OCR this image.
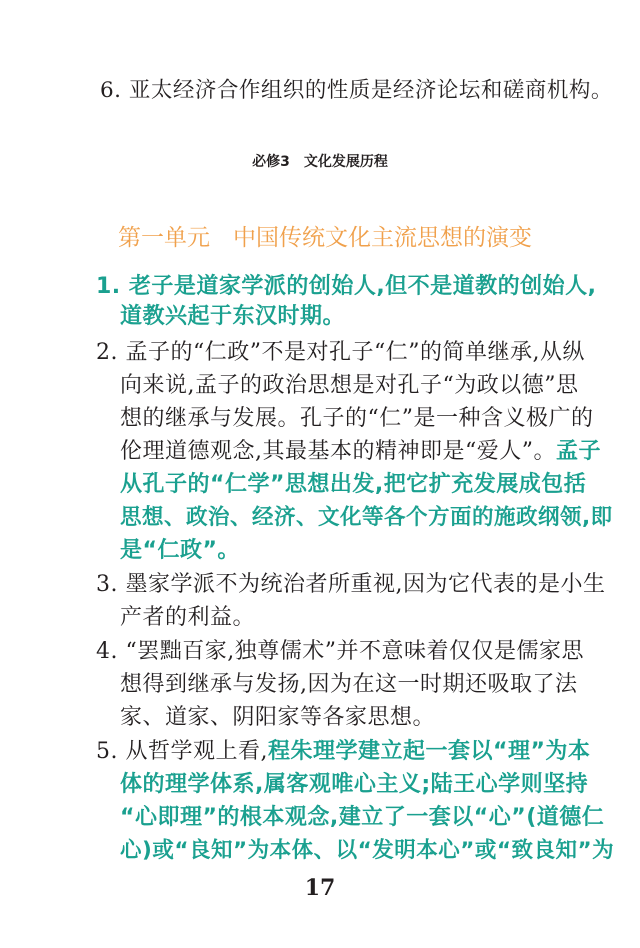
6. 亚太经济合作组织的性质是经济论坛和磋商机构。
必修3　文化发展历程
第一单元　中国传统文化主流思想的演变
1. 老子是道家学派的创始人,但不是道教的创始人,
道教兴起于东汉时期。
2. 孟子的“仁政”不是对孔子“仁”的简单继承,从纵
向来说,孟子的政治思想是对孔子“为政以德”思
想的继承与发展。孔子的“仁”是一种含义极广的
伦理道德观念,其最基本的精神即是“爱人”。孟子
从孔子的“仁学”思想出发,把它扩充发展成包括
思想、政治、经济、文化等各个方面的施政纲领,即
是“仁政”。
3. 墨家学派不为统治者所重视,因为它代表的是小生
产者的利益。
4. “罢黜百家,独尊儒术”并不意味着仅仅是儒家思
想得到继承与发扬,因为在这一时期还吸取了法
家、道家、阴阳家等各家思想。
5. 从哲学观上看,程朱理学建立起一套以“理”为本
体的理学体系,属客观唯心主义;陆王心学则坚持
“心即理”的根本观念,建立了一套以“心”(道德仁
心)或“良知”为本体、以“发明本心”或“致良知”为
17
